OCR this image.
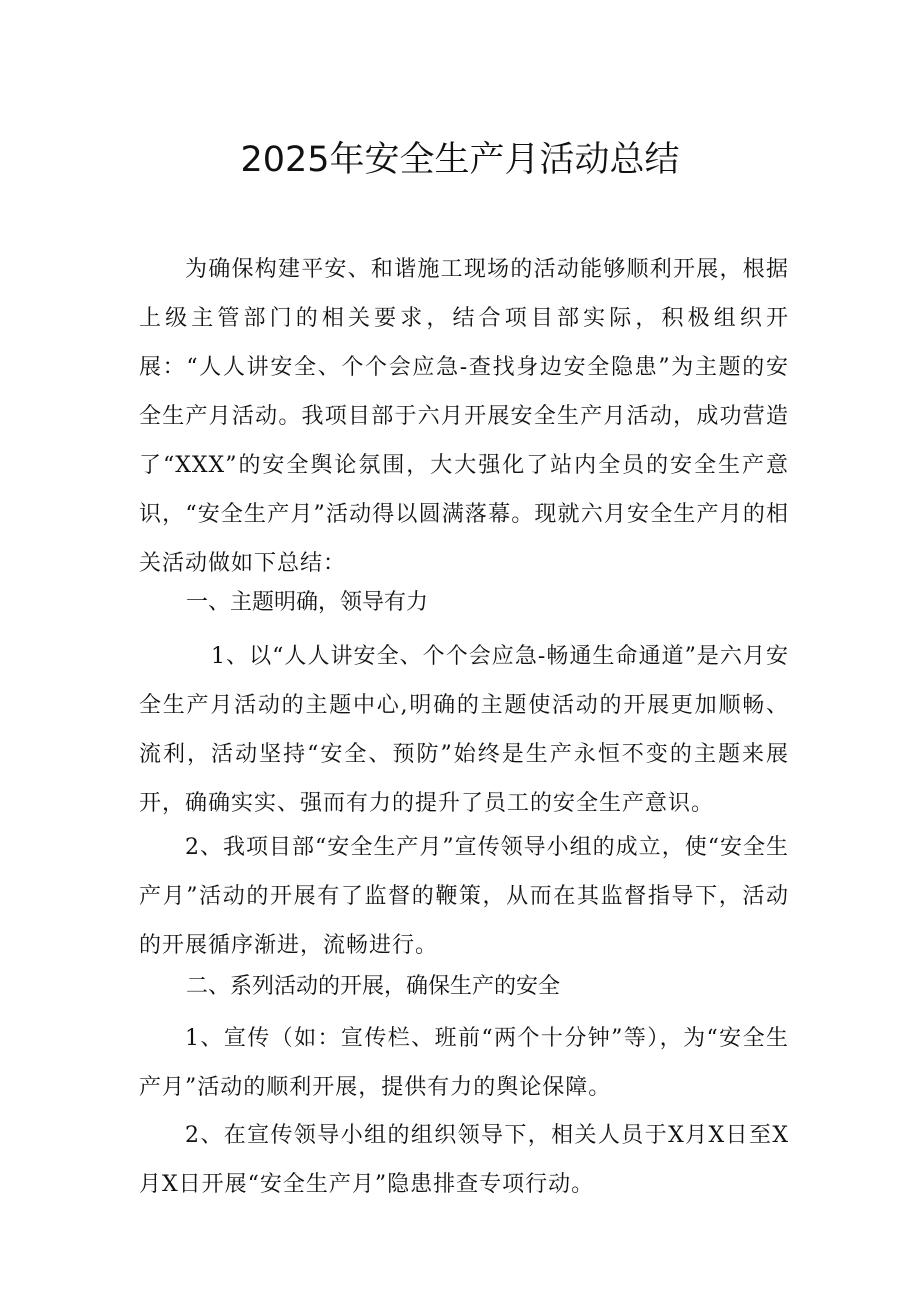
2025年安全生产月活动总结

为确保构建平安、和谐施工现场的活动能够顺利开展，根据上级主管部门的相关要求，结合项目部实际，积极组织开展：“人人讲安全、个个会应急-查找身边安全隐患”为主题的安全生产月活动。我项目部于六月开展安全生产月活动，成功营造了“XXX”的安全舆论氛围，大大强化了站内全员的安全生产意识，“安全生产月”活动得以圆满落幕。现就六月安全生产月的相关活动做如下总结：

一、主题明确，领导有力

1、以“人人讲安全、个个会应急-畅通生命通道”是六月安全生产月活动的主题中心,明确的主题使活动的开展更加顺畅、流利，活动坚持“安全、预防”始终是生产永恒不变的主题来展开，确确实实、强而有力的提升了员工的安全生产意识。

2、我项目部“安全生产月”宣传领导小组的成立，使“安全生产月”活动的开展有了监督的鞭策，从而在其监督指导下，活动的开展循序渐进，流畅进行。

二、系列活动的开展，确保生产的安全

1、宣传（如：宣传栏、班前“两个十分钟”等），为“安全生产月”活动的顺利开展，提供有力的舆论保障。

2、在宣传领导小组的组织领导下，相关人员于X月X日至X月X日开展“安全生产月”隐患排查专项行动。
